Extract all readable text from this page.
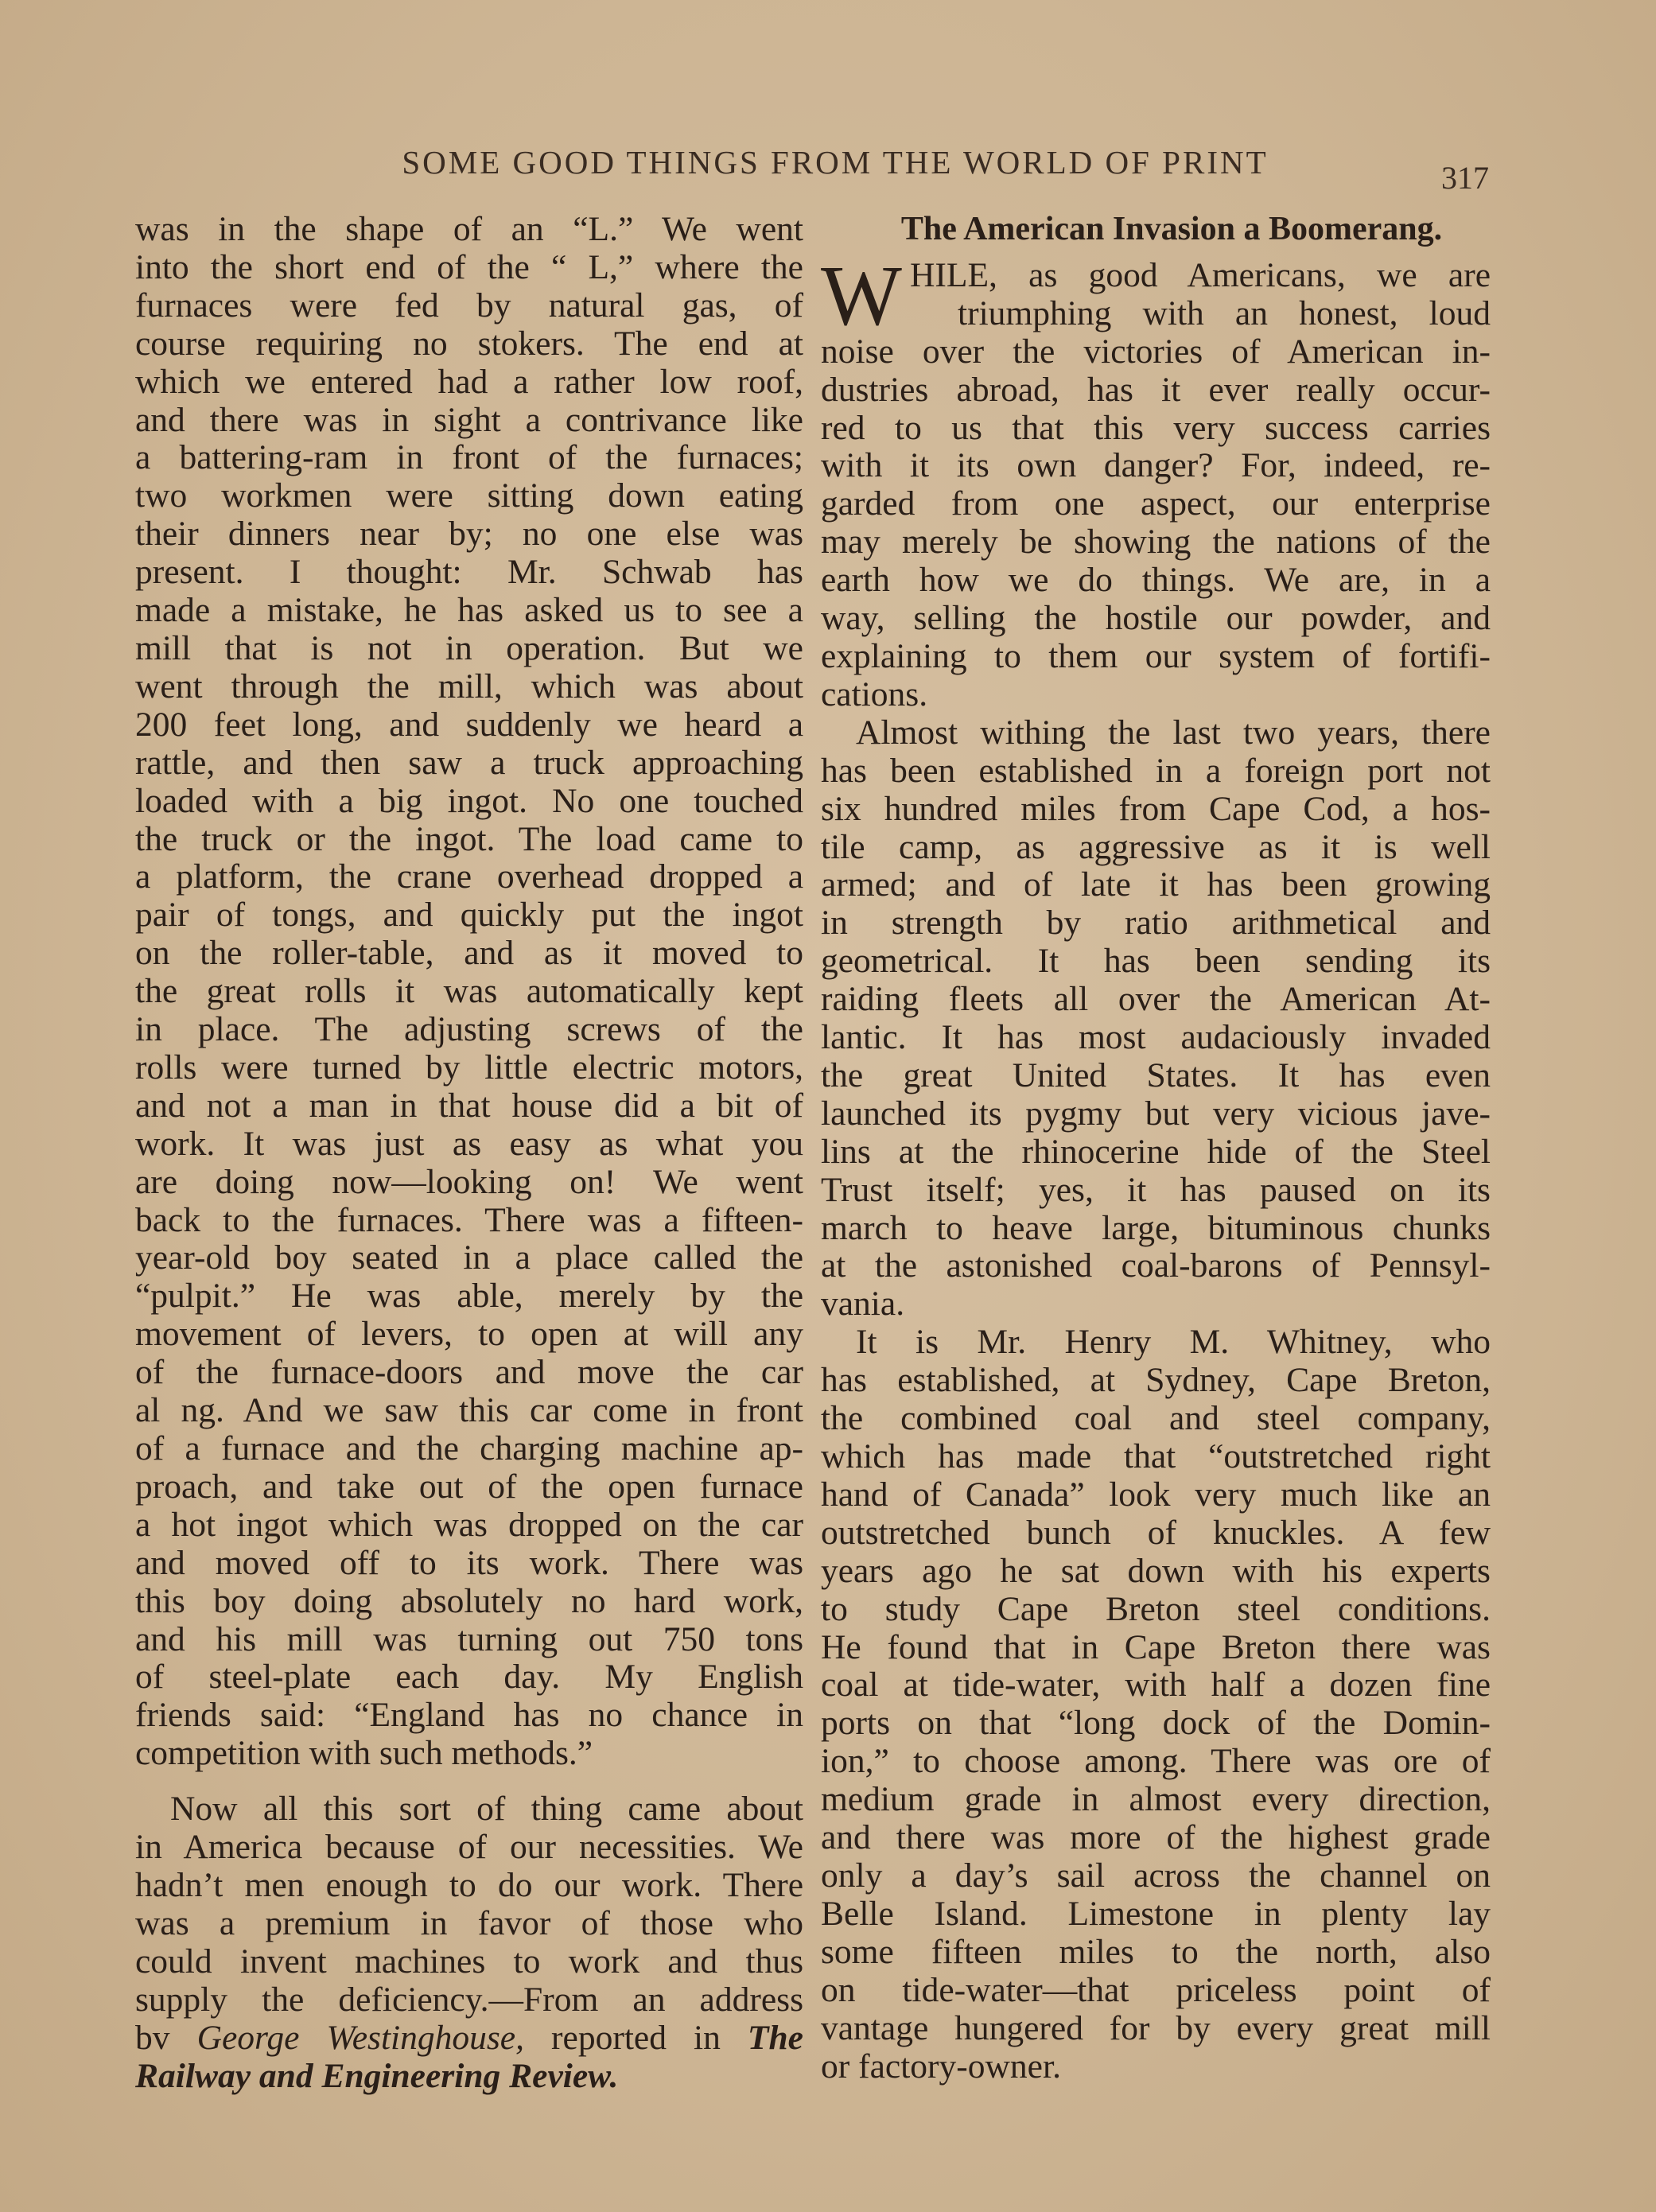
SOME GOOD THINGS FROM THE WORLD OF PRINT	317
was in the shape of an “L.” We went
into the short end of the “ L,” where the
furnaces were fed by natural gas, of
course requiring no stokers. The end at
which we entered had a rather low roof,
and there was in sight a contrivance like
a battering-ram in front of the furnaces;
two workmen were sitting down eating
their dinners near by; no one else was
present. I thought: Mr. Schwab has
made a mistake, he has asked us to see a
mill that is not in operation. But we
went through the mill, which was about
200 feet long, and suddenly we heard a
rattle, and then saw a truck approaching
loaded with a big ingot. No one touched
the truck or the ingot. The load came to
a platform, the crane overhead dropped a
pair of tongs, and quickly put the ingot
on the roller-table, and as it moved to
the great rolls it was automatically kept
in place. The adjusting screws of the
rolls were turned by little electric motors,
and not a man in that house did a bit of
work. It was just as easy as what you
are doing now—looking on! We went
back to the furnaces. There was a fifteen-
year-old boy seated in a place called the
“pulpit.” He was able, merely by the
movement of levers, to open at will any
of the furnace-doors and move the car
al ng. And we saw this car come in front
of a furnace and the charging machine ap-
proach, and take out of the open furnace
a hot ingot which was dropped on the car
and moved off to its work. There was
this boy doing absolutely no hard work,
and his mill was turning out 750 tons
of steel-plate each day. My English
friends said: “England has no chance in
competition with such methods.”
Now all this sort of thing came about
in America because of our necessities. We
hadn’t men enough to do our work. There
was a premium in favor of those who
could invent machines to work and thus
supply the deficiency.—From an address
bv George Westinghouse, reported in The
Railway and Engineering Review.
The American Invasion a Boomerang.
W HILE, as good Americans, we are
triumphing with an honest, loud
noise over the victories of American in-
dustries abroad, has it ever really occur-
red to us that this very success carries
with it its own danger? For, indeed, re-
garded from one aspect, our enterprise
may merely be showing the nations of the
earth how we do things. We are, in a
way, selling the hostile our powder, and
explaining to them our system of fortifi-
cations.
Almost withing the last two years, there
has been established in a foreign port not
six hundred miles from Cape Cod, a hos-
tile camp, as aggressive as it is well
armed; and of late it has been growing
in strength by ratio arithmetical and
geometrical. It has been sending its
raiding fleets all over the American At-
lantic. It has most audaciously invaded
the great United States. It has even
launched its pygmy but very vicious jave-
lins at the rhinocerine hide of the Steel
Trust itself; yes, it has paused on its
march to heave large, bituminous chunks
at the astonished coal-barons of Pennsyl-
vania.
It is Mr. Henry M. Whitney, who
has established, at Sydney, Cape Breton,
the combined coal and steel company,
which has made that “outstretched right
hand of Canada” look very much like an
outstretched bunch of knuckles. A few
years ago he sat down with his experts
to study Cape Breton steel conditions.
He found that in Cape Breton there was
coal at tide-water, with half a dozen fine
ports on that “long dock of the Domin-
ion,” to choose among. There was ore of
medium grade in almost every direction,
and there was more of the highest grade
only a day’s sail across the channel on
Belle Island. Limestone in plenty lay
some fifteen miles to the north, also
on tide-water—that priceless point of
vantage hungered for by every great mill
or factory-owner.
